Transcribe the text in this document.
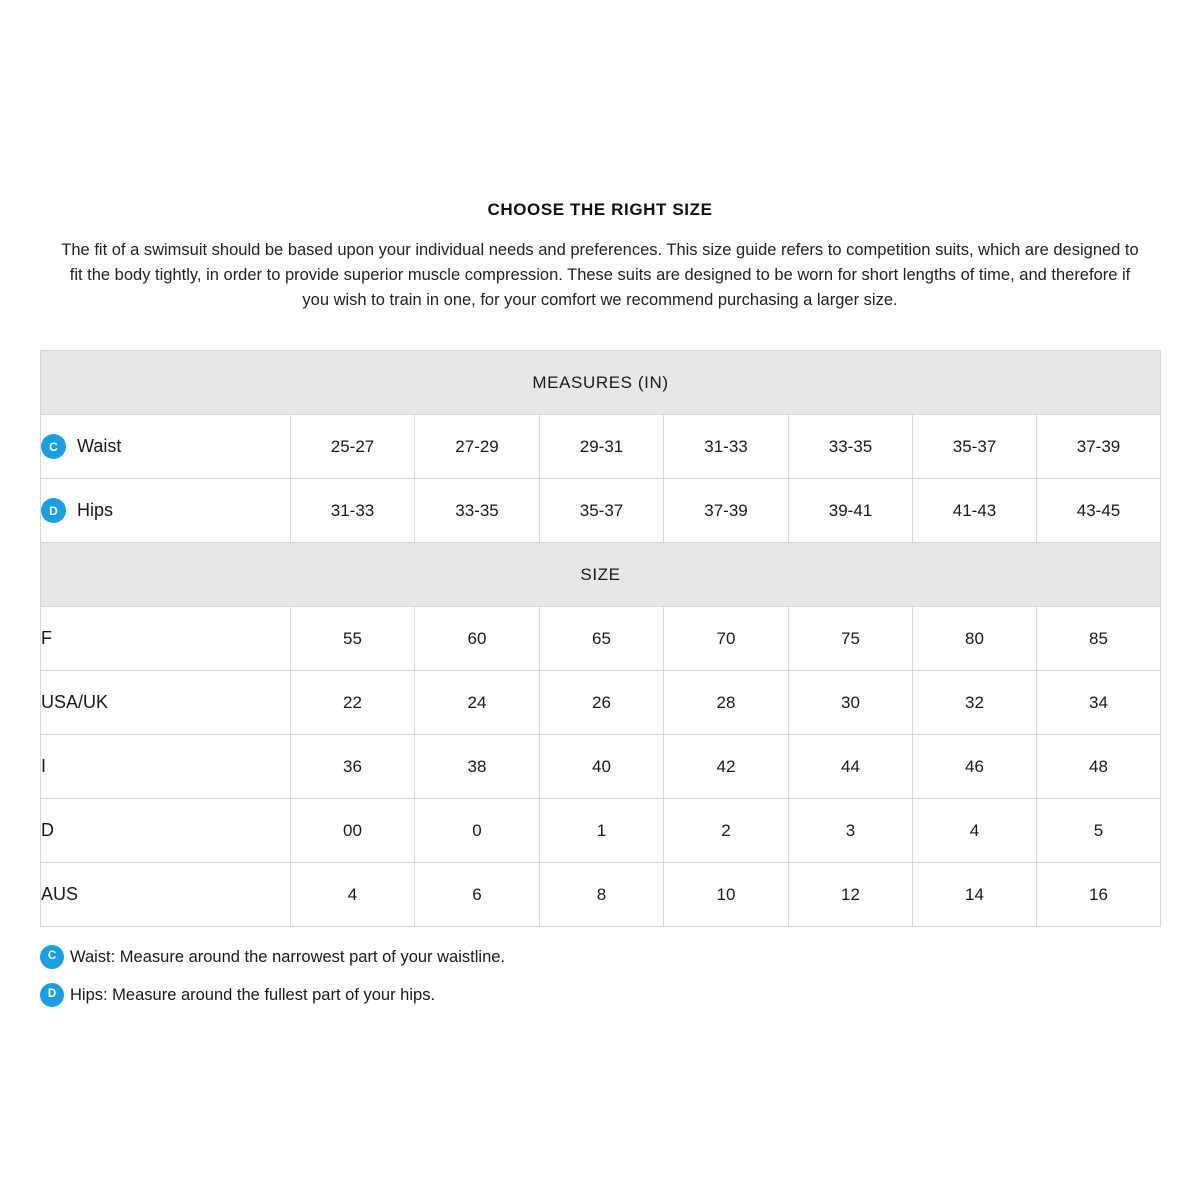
CHOOSE THE RIGHT SIZE

The fit of a swimsuit should be based upon your individual needs and preferences. This size guide refers to competition suits, which are designed to fit the body tightly, in order to provide superior muscle compression. These suits are designed to be worn for short lengths of time, and therefore if you wish to train in one, for your comfort we recommend purchasing a larger size.

MEASURES (IN)							

C Waist	25-27	27-29	29-31	31-33	33-35	35-37	37-39

D Hips	31-33	33-35	35-37	37-39	39-41	41-43	43-45
SIZE							
F	55	60	65	70	75	80	85
USA/UK	22	24	26	28	30	32	34
I	36	38	40	42	44	46	48
D	00	0	1	2	3	4	5
AUS	4	6	8	10	12	14	16
C Waist: Measure around the narrowest part of your waistline.
D Hips: Measure around the fullest part of your hips.
